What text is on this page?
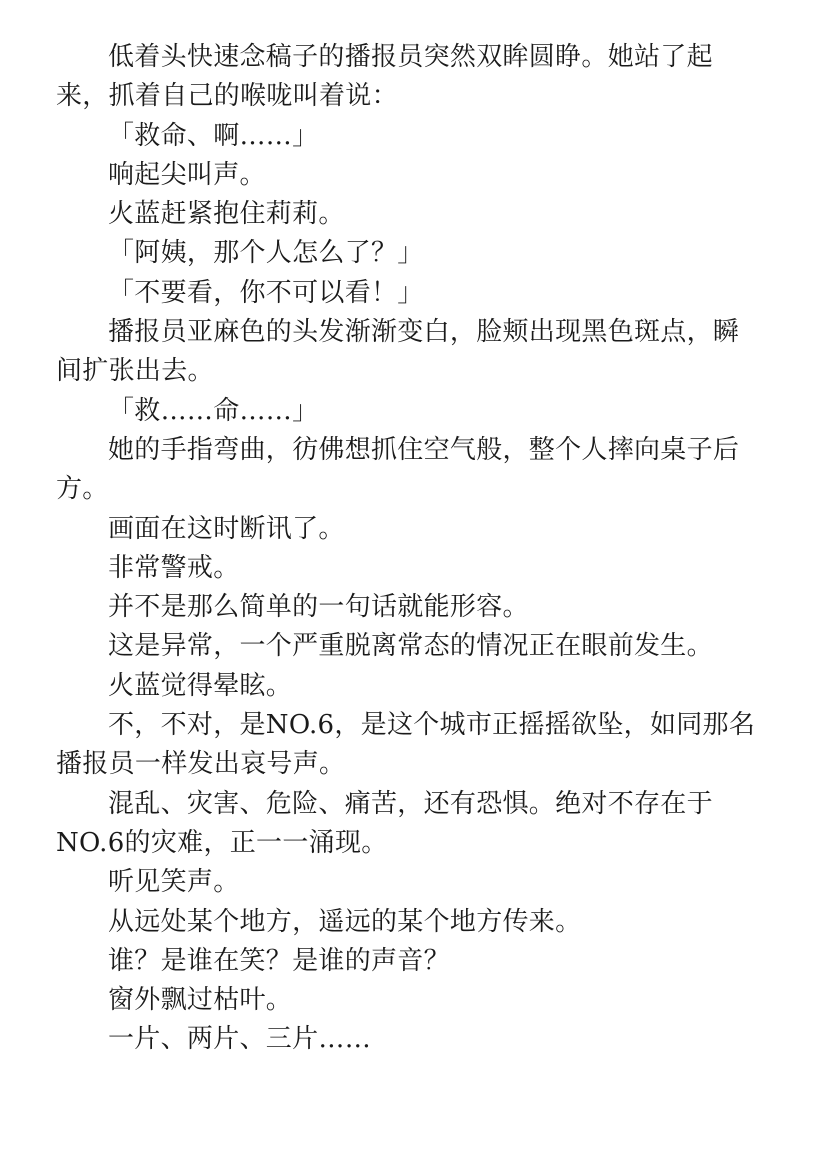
低着头快速念稿子的播报员突然双眸圆睁。她站了起来，抓着自己的喉咙叫着说：

「救命、啊……」

响起尖叫声。

火蓝赶紧抱住莉莉。

「阿姨，那个人怎么了？」

「不要看，你不可以看！」

播报员亚麻色的头发渐渐变白，脸颊出现黑色斑点，瞬间扩张出去。

「救……命……」

她的手指弯曲，彷佛想抓住空气般，整个人摔向桌子后方。

画面在这时断讯了。

非常警戒。

并不是那么简单的一句话就能形容。

这是异常，一个严重脱离常态的情况正在眼前发生。

火蓝觉得晕眩。

不，不对，是NO.6，是这个城市正摇摇欲坠，如同那名播报员一样发出哀号声。

混乱、灾害、危险、痛苦，还有恐惧。绝对不存在于NO.6的灾难，正一一涌现。

听见笑声。

从远处某个地方，遥远的某个地方传来。

谁？是谁在笑？是谁的声音？

窗外飘过枯叶。

一片、两片、三片……
